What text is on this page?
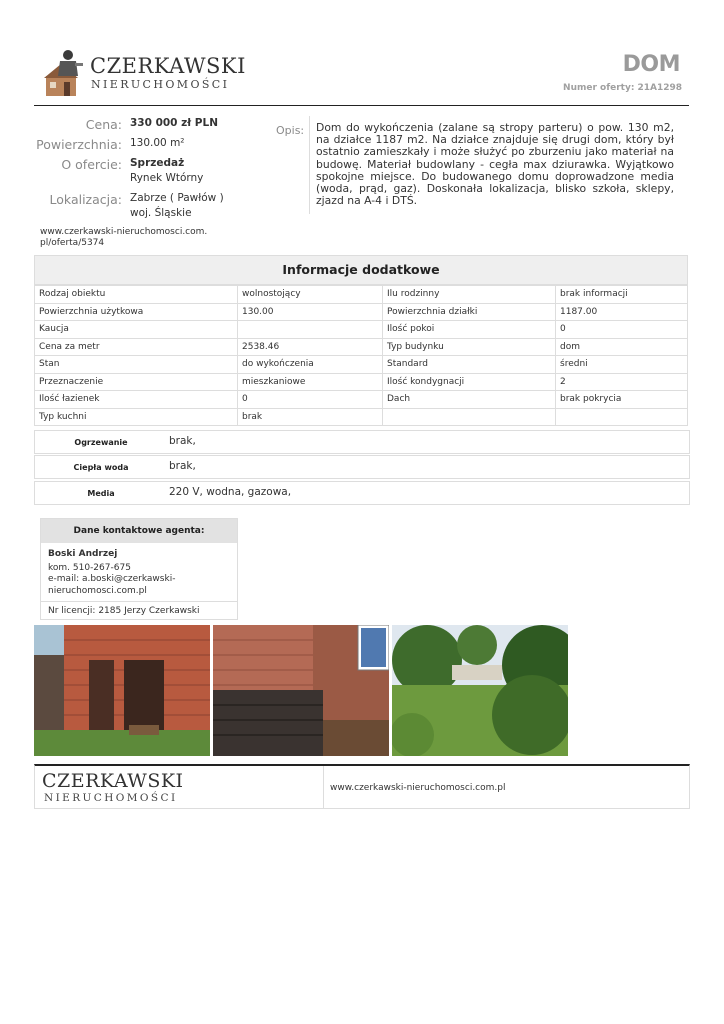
CZERKAWSKI
NIERUCHOMOŚCI
DOM
Numer oferty: 21A1298
Cena: 330 000 zł PLN
Powierzchnia: 130.00 m²
O ofercie: Sprzedaż
Rynek Wtórny
Lokalizacja: Zabrze ( Pawłów )
woj. Śląskie
www.czerkawski-nieruchomosci.com.pl/oferta/5374
Opis: Dom do wykończenia (zalane są stropy parteru) o pow. 130 m2, na działce 1187 m2. Na działce znajduje się drugi dom, który był ostatnio zamieszkały i może służyć po zburzeniu jako materiał na budowę. Materiał budowlany - cegła max dziurawka. Wyjątkowo spokojne miejsce. Do budowanego domu doprowadzone media (woda, prąd, gaz). Doskonała lokalizacja, blisko szkoła, sklepy, zjazd na A-4 i DTŚ.
Informacje dodatkowe
Rodzaj obiektu	wolnostojący	Ilu rodzinny	brak informacji
Powierzchnia użytkowa	130.00	Powierzchnia działki	1187.00
Kaucja		Ilość pokoi	0
Cena za metr	2538.46	Typ budynku	dom
Stan	do wykończenia	Standard	średni
Przeznaczenie	mieszkaniowe	Ilość kondygnacji	2
Ilość łazienek	0	Dach	brak pokrycia
Typ kuchni	brak		
Ogrzewanie	brak,
Ciepła woda	brak,
Media	220 V, wodna, gazowa,
Dane kontaktowe agenta:
Boski Andrzej
kom. 510-267-675
e-mail: a.boski@czerkawski-nieruchomosci.com.pl
Nr licencji: 2185 Jerzy Czerkawski
CZERKAWSKI
NIERUCHOMOŚCI
www.czerkawski-nieruchomosci.com.pl
